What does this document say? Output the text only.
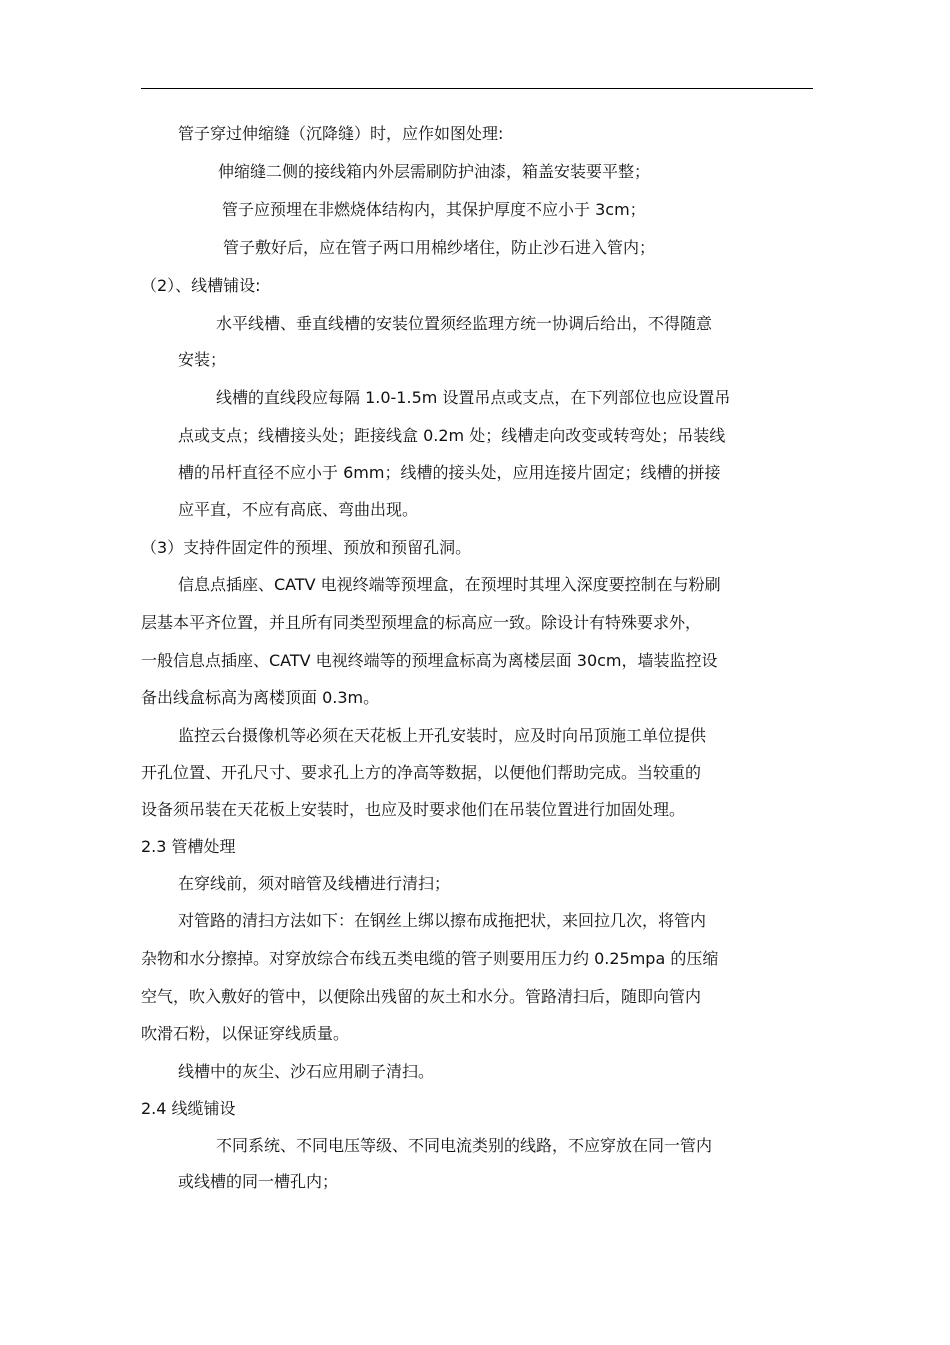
管子穿过伸缩缝（沉降缝）时，应作如图处理:
伸缩缝二侧的接线箱内外层需刷防护油漆，箱盖安装要平整；
管子应预埋在非燃烧体结构内，其保护厚度不应小于 3cm；
管子敷好后，应在管子两口用棉纱堵住，防止沙石进入管内；
（2）、线槽铺设:
水平线槽、垂直线槽的安装位置须经监理方统一协调后给出，不得随意
安装；
线槽的直线段应每隔 1.0-1.5m 设置吊点或支点，在下列部位也应设置吊
点或支点；线槽接头处；距接线盒 0.2m 处；线槽走向改变或转弯处；吊装线
槽的吊杆直径不应小于 6mm；线槽的接头处，应用连接片固定；线槽的拼接
应平直，不应有高底、弯曲出现。
（3）支持件固定件的预埋、预放和预留孔洞。
信息点插座、CATV 电视终端等预埋盒，在预埋时其埋入深度要控制在与粉刷
层基本平齐位置，并且所有同类型预埋盒的标高应一致。除设计有特殊要求外，
一般信息点插座、CATV 电视终端等的预埋盒标高为离楼层面 30cm，墙装监控设
备出线盒标高为离楼顶面 0.3m。
监控云台摄像机等必须在天花板上开孔安装时，应及时向吊顶施工单位提供
开孔位置、开孔尺寸、要求孔上方的净高等数据，以便他们帮助完成。当较重的
设备须吊装在天花板上安装时，也应及时要求他们在吊装位置进行加固处理。
2.3 管槽处理
在穿线前，须对暗管及线槽进行清扫；
对管路的清扫方法如下：在钢丝上绑以擦布成拖把状，来回拉几次，将管内
杂物和水分擦掉。对穿放综合布线五类电缆的管子则要用压力约 0.25mpa 的压缩
空气，吹入敷好的管中，以便除出残留的灰土和水分。管路清扫后，随即向管内
吹滑石粉，以保证穿线质量。
线槽中的灰尘、沙石应用刷子清扫。
2.4 线缆铺设
不同系统、不同电压等级、不同电流类别的线路，不应穿放在同一管内
或线槽的同一槽孔内；
